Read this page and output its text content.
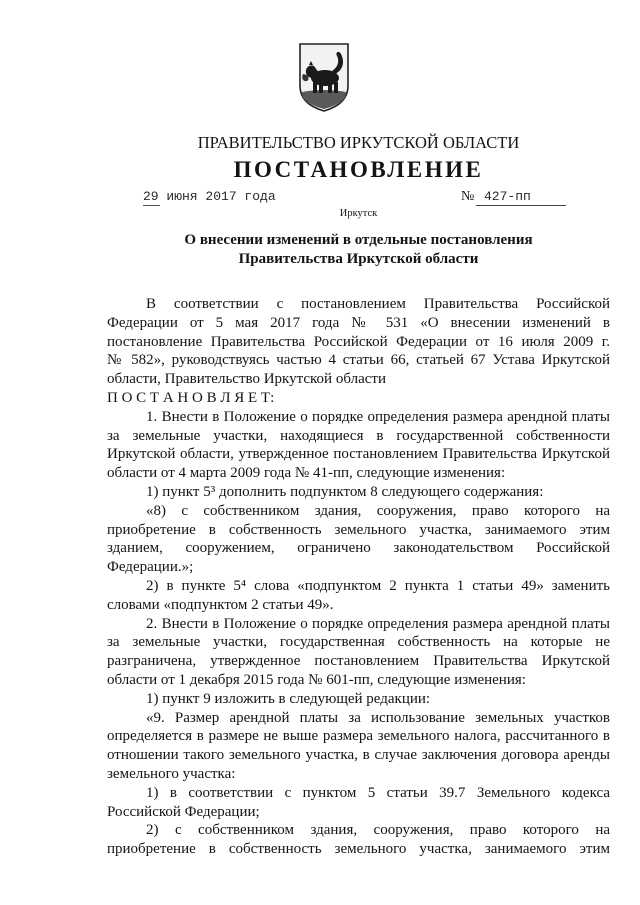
ПРАВИТЕЛЬСТВО ИРКУТСКОЙ ОБЛАСТИ
ПОСТАНОВЛЕНИЕ
29 июня 2017 года	№ 427-пп
Иркутск
О внесении изменений в отдельные постановления
Правительства Иркутской области
В соответствии с постановлением Правительства Российской
Федерации от 5 мая 2017 года № 531 «О внесении изменений в
постановление Правительства Российской Федерации от 16 июля 2009 г.
№ 582», руководствуясь частью 4 статьи 66, статьей 67 Устава Иркутской
области, Правительство Иркутской области
П О С Т А Н О В Л Я Е Т:
1. Внести в Положение о порядке определения размера арендной платы
за земельные участки, находящиеся в государственной собственности
Иркутской области, утвержденное постановлением Правительства Иркутской
области от 4 марта 2009 года № 41-пп, следующие изменения:
1) пункт 5³ дополнить подпунктом 8 следующего содержания:
«8) с собственником здания, сооружения, право которого на
приобретение в собственность земельного участка, занимаемого этим
зданием, сооружением, ограничено законодательством Российской
Федерации.»;
2) в пункте 5⁴ слова «подпунктом 2 пункта 1 статьи 49» заменить
словами «подпунктом 2 статьи 49».
2. Внести в Положение о порядке определения размера арендной платы
за земельные участки, государственная собственность на которые не
разграничена, утвержденное постановлением Правительства Иркутской
области от 1 декабря 2015 года № 601-пп, следующие изменения:
1) пункт 9 изложить в следующей редакции:
«9. Размер арендной платы за использование земельных участков
определяется в размере не выше размера земельного налога, рассчитанного в
отношении такого земельного участка, в случае заключения договора аренды
земельного участка:
1) в соответствии с пунктом 5 статьи 39.7 Земельного кодекса
Российской Федерации;
2) с собственником здания, сооружения, право которого на
приобретение в собственность земельного участка, занимаемого этим
